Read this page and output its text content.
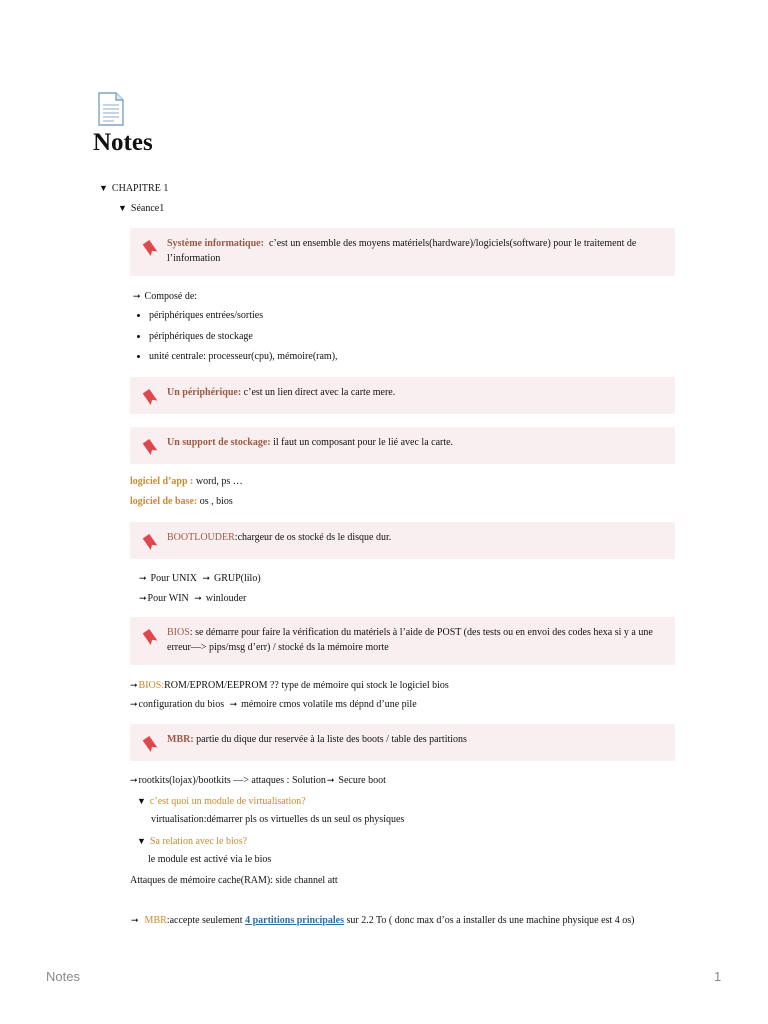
Notes
▼ CHAPITRE 1
▼ Séance1
Système informatique: c’est un ensemble des moyens matériels(hardware)/logiciels(software) pour le traitement de l’information
➞ Composé de:
• périphériques entrées/sorties
• périphériques de stockage
• unité centrale: processeur(cpu), mémoire(ram),
Un périphérique: c’est un lien direct avec la carte mere.
Un support de stockage: il faut un composant pour le lié avec la carte.
logiciel d’app : word, ps …
logiciel de base: os , bios
BOOTLOUDER:chargeur de os stocké ds le disque dur.
➞ Pour UNIX ➞ GRUP(lilo)
➞Pour WIN ➞ winlouder
BIOS: se démarre pour faire la vérification du matériels à l’aide de POST (des tests ou en envoi des codes hexa si y a une erreur—> pips/msg d’err) / stocké ds la mémoire morte
➞BIOS:ROM/EPROM/EEPROM ?? type de mémoire qui stock le logiciel bios
➞configuration du bios ➞ mémoire cmos volatile ms dépnd d’une pile
MBR: partie du dique dur reservée à la liste des boots / table des partitions
➞rootkits(lojax)/bootkits —> attaques : Solution➞ Secure boot
▼ c’est quoi un module de virtualisation?
virtualisation:démarrer pls os virtuelles ds un seul os physiques
▼ Sa relation avec le bios?
le module est activé via le bios
Attaques de mémoire cache(RAM): side channel att
➞ MBR:accepte seulement 4 partitions principales sur 2.2 To ( donc max d’os a installer ds une machine physique est 4 os)
Notes	1
